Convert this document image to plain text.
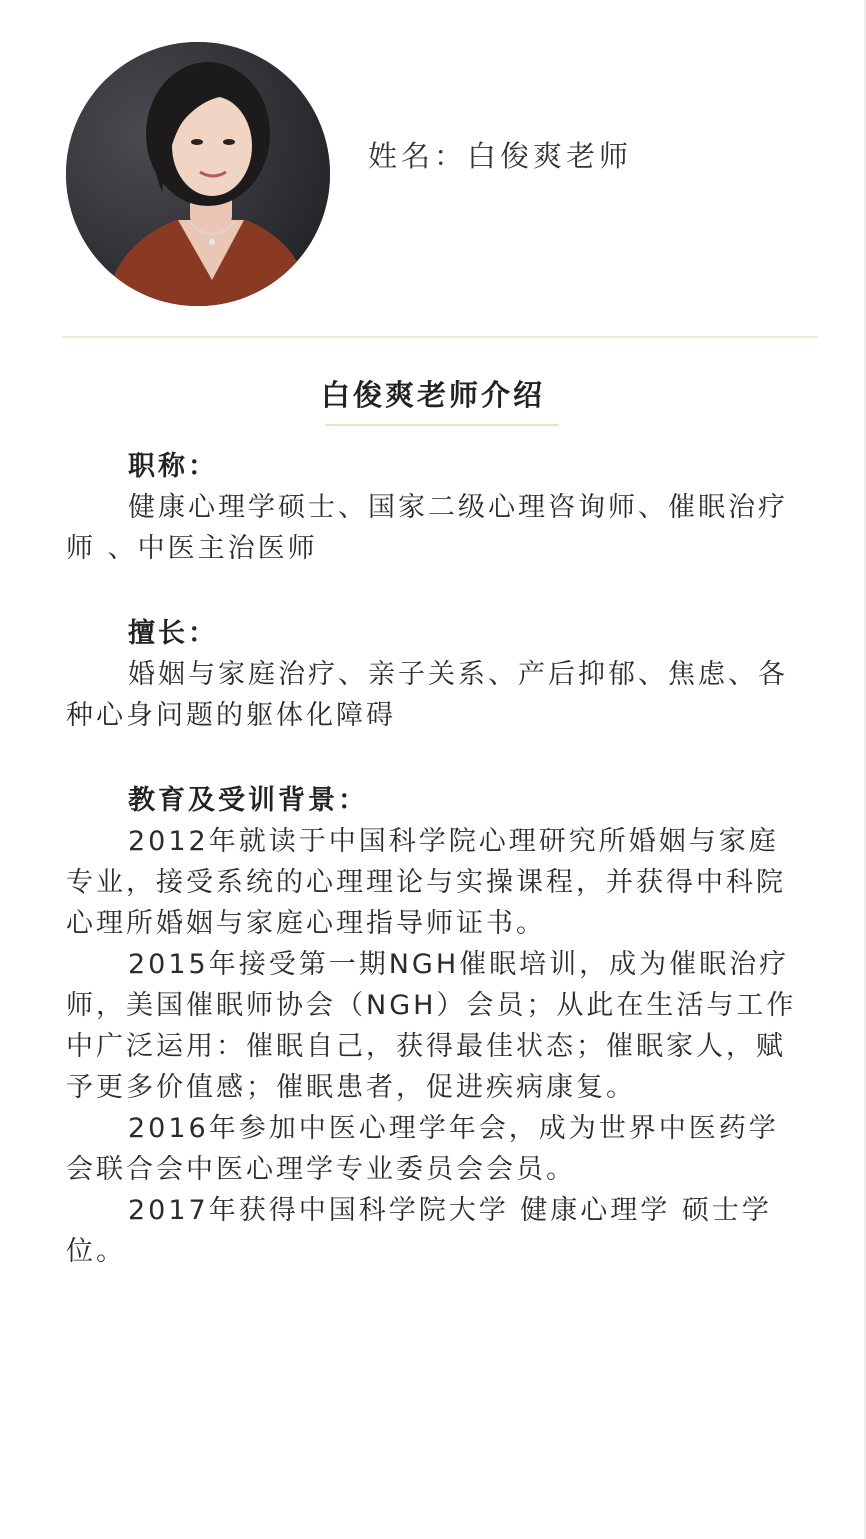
姓名：白俊爽老师
白俊爽老师介绍

职称：

健康心理学硕士、国家二级心理咨询师、催眠治疗师 、中医主治医师

擅长：

婚姻与家庭治疗、亲子关系、产后抑郁、焦虑、各种心身问题的躯体化障碍

教育及受训背景：

2012年就读于中国科学院心理研究所婚姻与家庭专业，接受系统的心理理论与实操课程，并获得中科院心理所婚姻与家庭心理指导师证书。

2015年接受第一期NGH催眠培训，成为催眠治疗师，美国催眠师协会（NGH）会员；从此在生活与工作中广泛运用：催眠自己，获得最佳状态；催眠家人，赋予更多价值感；催眠患者，促进疾病康复。

2016年参加中医心理学年会，成为世界中医药学会联合会中医心理学专业委员会会员。

2017年获得中国科学院大学 健康心理学 硕士学位。
